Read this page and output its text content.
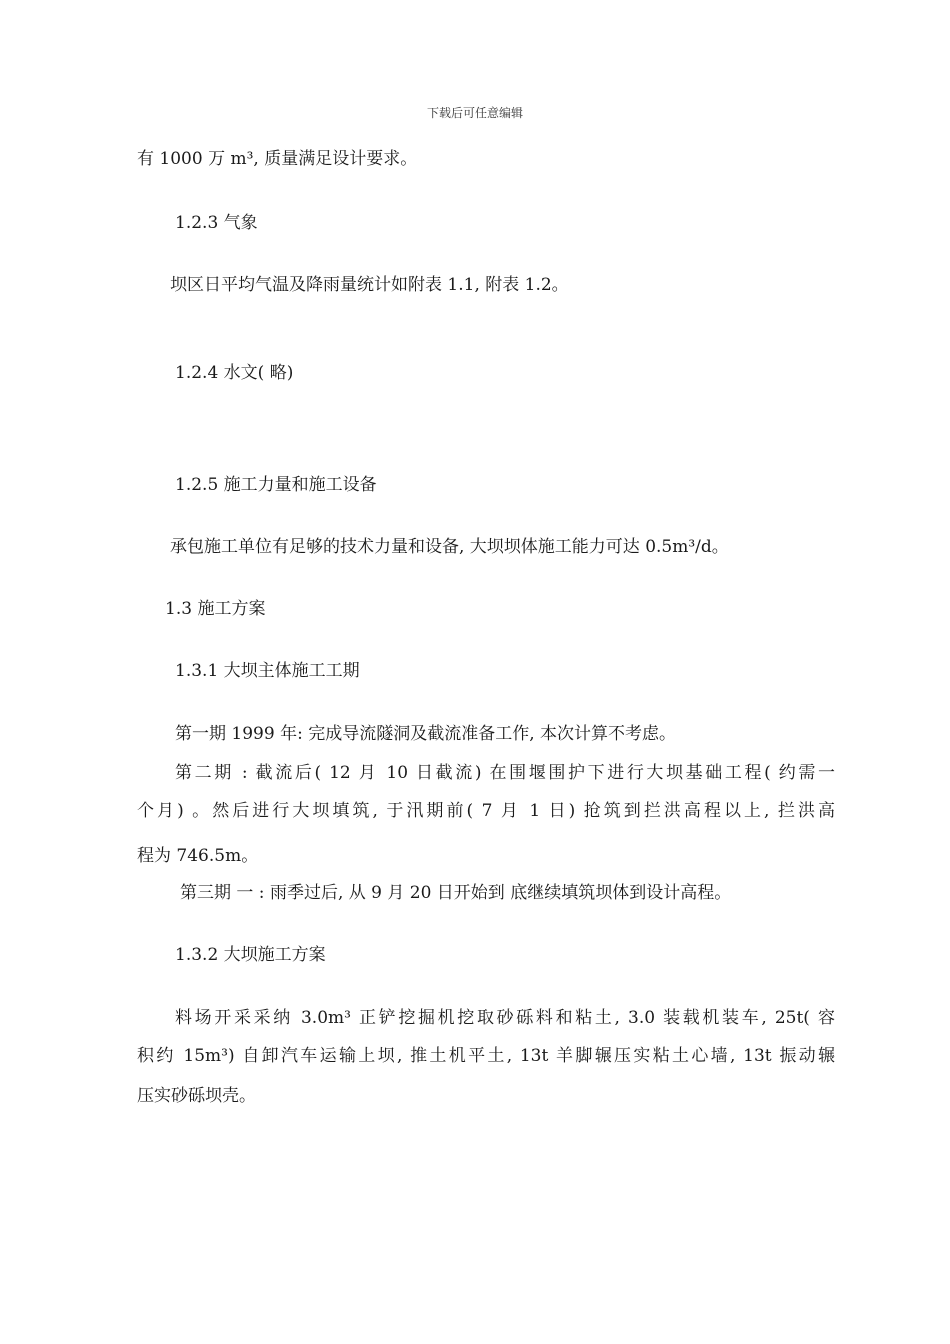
下载后可任意编辑
有 1000 万 m³, 质量满足设计要求。
1.2.3 气象
坝区日平均气温及降雨量统计如附表 1.1, 附表 1.2。
1.2.4 水文( 略)
1.2.5 施工力量和施工设备
承包施工单位有足够的技术力量和设备, 大坝坝体施工能力可达 0.5m³/d。
1.3 施工方案
1.3.1 大坝主体施工工期
第一期 1999 年: 完成导流隧洞及截流准备工作, 本次计算不考虑。
第二期 : 截流后( 12 月 10 日截流) 在围堰围护下进行大坝基础工程( 约需一
个月) 。然后进行大坝填筑, 于汛期前( 7 月 1 日) 抢筑到拦洪高程以上, 拦洪高
程为 746.5m。
第三期 一 : 雨季过后, 从 9 月 20 日开始到 底继续填筑坝体到设计高程。
1.3.2 大坝施工方案
料场开采采纳 3.0m³ 正铲挖掘机挖取砂砾料和粘土, 3.0 装载机装车, 25t( 容
积约 15m³) 自卸汽车运输上坝, 推土机平土, 13t 羊脚辗压实粘土心墙, 13t 振动辗
压实砂砾坝壳。
